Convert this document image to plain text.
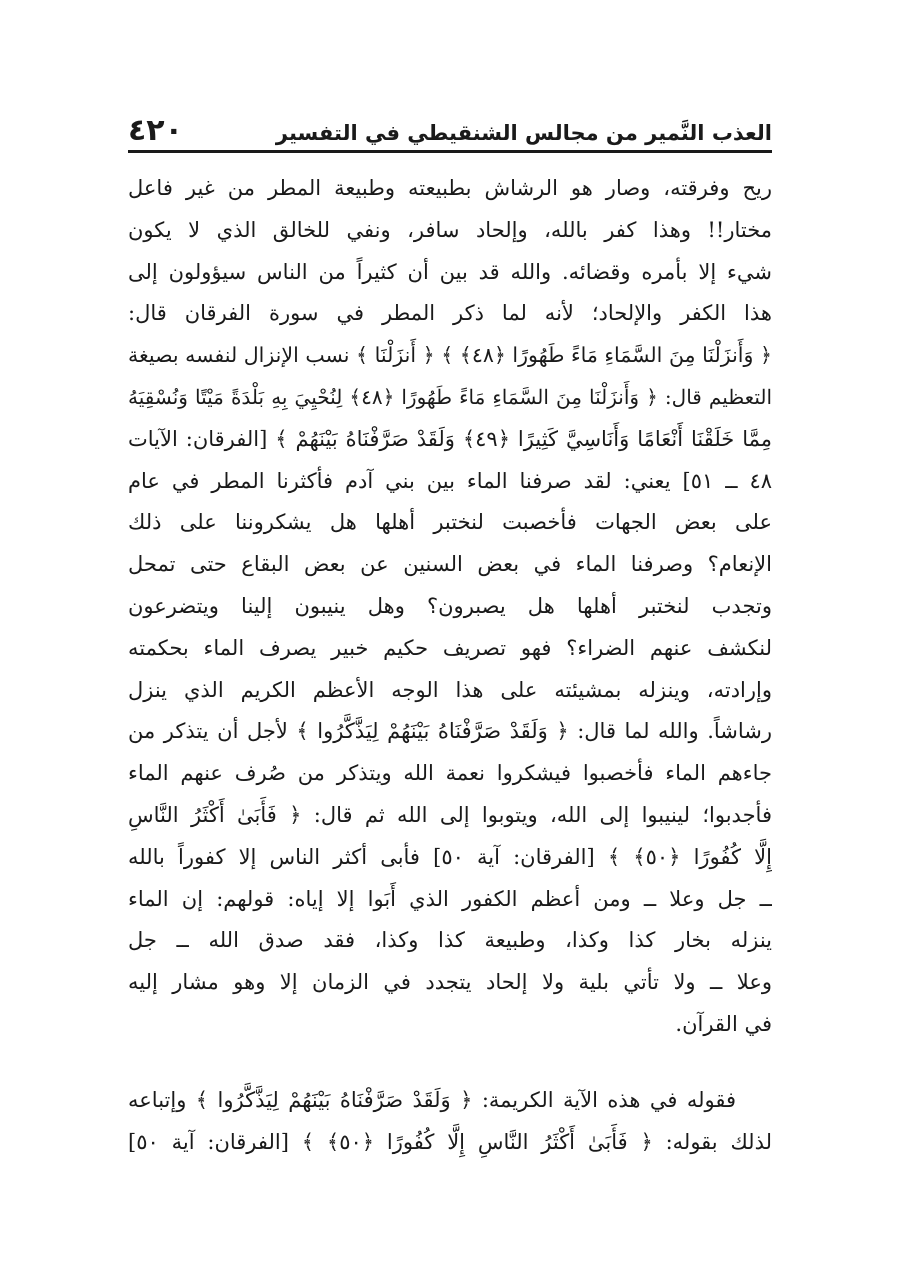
٤٢٠	العذب النَّمير من مجالس الشنقيطي في التفسير
ريح وفرقته، وصار هو الرشاش بطبيعته وطبيعة المطر من غير فاعل
مختار!! وهذا كفر بالله، وإلحاد سافر، ونفي للخالق الذي لا يكون
شيء إلا بأمره وقضائه. والله قد بين أن كثيراً من الناس سيؤولون إلى
هذا الكفر والإلحاد؛ لأنه لما ذكر المطر في سورة الفرقان قال:
﴿ وَأَنزَلْنَا مِنَ السَّمَاءِ مَاءً طَهُورًا ﴿٤٨﴾ ﴾ ﴿ أَنزَلْنَا ﴾ نسب الإنزال لنفسه بصيغة
التعظيم قال: ﴿ وَأَنزَلْنَا مِنَ السَّمَاءِ مَاءً طَهُورًا ﴿٤٨﴾ لِنُحْيِيَ بِهِ بَلْدَةً مَيْتًا وَنُسْقِيَهُ
مِمَّا خَلَقْنَا أَنْعَامًا وَأَنَاسِيَّ كَثِيرًا ﴿٤٩﴾ وَلَقَدْ صَرَّفْنَاهُ بَيْنَهُمْ ﴾ [الفرقان: الآيات
٤٨ ــ ٥١] يعني: لقد صرفنا الماء بين بني آدم فأكثرنا المطر في عام
على بعض الجهات فأخصبت لنختبر أهلها هل يشكروننا على ذلك
الإنعام؟ وصرفنا الماء في بعض السنين عن بعض البقاع حتى تمحل
وتجدب لنختبر أهلها هل يصبرون؟ وهل ينيبون إلينا ويتضرعون
لنكشف عنهم الضراء؟ فهو تصريف حكيم خبير يصرف الماء بحكمته
وإرادته، وينزله بمشيئته على هذا الوجه الأعظم الكريم الذي ينزل
رشاشاً. والله لما قال: ﴿ وَلَقَدْ صَرَّفْنَاهُ بَيْنَهُمْ لِيَذَّكَّرُوا ﴾ لأجل أن يتذكر من
جاءهم الماء فأخصبوا فيشكروا نعمة الله ويتذكر من صُرف عنهم الماء
فأجدبوا؛ لينيبوا إلى الله، ويتوبوا إلى الله ثم قال: ﴿ فَأَبَىٰ أَكْثَرُ النَّاسِ
إِلَّا كُفُورًا ﴿٥٠﴾ ﴾ [الفرقان: آية ٥٠] فأبى أكثر الناس إلا كفوراً بالله
ــ جل وعلا ــ ومن أعظم الكفور الذي أَبَوا إلا إياه: قولهم: إن الماء
ينزله بخار كذا وكذا، وطبيعة كذا وكذا، فقد صدق الله ــ جل
وعلا ــ ولا تأتي بلية ولا إلحاد يتجدد في الزمان إلا وهو مشار إليه
في القرآن.
فقوله في هذه الآية الكريمة: ﴿ وَلَقَدْ صَرَّفْنَاهُ بَيْنَهُمْ لِيَذَّكَّرُوا ﴾ وإتباعه
لذلك بقوله: ﴿ فَأَبَىٰ أَكْثَرُ النَّاسِ إِلَّا كُفُورًا ﴿٥٠﴾ ﴾ [الفرقان: آية ٥٠]
